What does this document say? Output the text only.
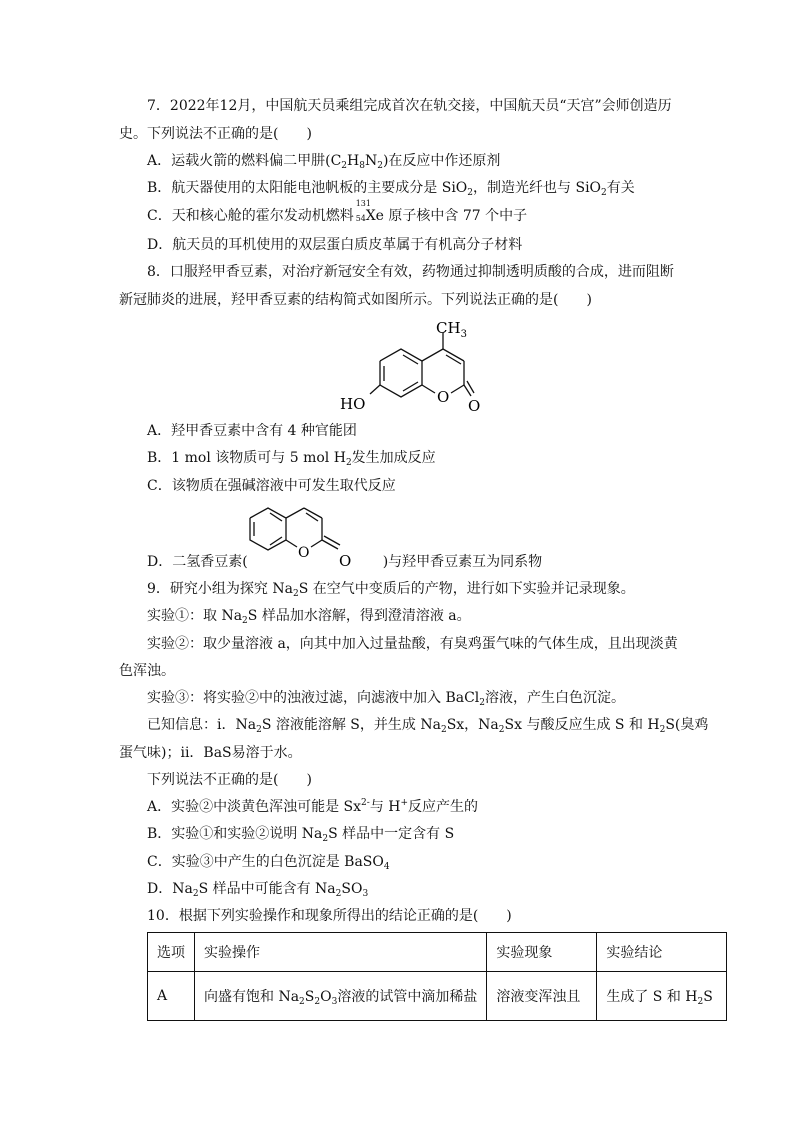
7．2022年12月，中国航天员乘组完成首次在轨交接，中国航天员“天宫”会师创造历
史。下列说法不正确的是(　　)
A．运载火箭的燃料偏二甲肼$(C_2H_8N_2)$在反应中作还原剂
B．航天器使用的太阳能电池帆板的主要成分是 SiO$_2$，制造光纤也与 SiO$_2$有关
C．天和核心舱的霍尔发动机燃料
131
54 Xe 原子核中含 77 个中子
D．航天员的耳机使用的双层蛋白质皮革属于有机高分子材料
8．口服羟甲香豆素，对治疗新冠安全有效，药物通过抑制透明质酸的合成，进而阻断
新冠肺炎的进展，羟甲香豆素的结构简式如图所示。下列说法正确的是(　　)
$CH_3$
HO	O O
A．羟甲香豆素中含有 4 种官能团
B．1 mol 该物质可与 5 mol $H_2$发生加成反应
C．该物质在强碱溶液中可发生取代反应
O O
D．二氢香豆素(	)与羟甲香豆素互为同系物
9．研究小组为探究 $Na_2S$ 在空气中变质后的产物，进行如下实验并记录现象。
实验①：取 $Na_2S$ 样品加水溶解，得到澄清溶液 a。
实验②：取少量溶液 a，向其中加入过量盐酸，有臭鸡蛋气味的气体生成，且出现淡黄
色浑浊。
实验③：将实验②中的浊液过滤，向滤液中加入 BaCl$_2$溶液，产生白色沉淀。
已知信息：i．$Na_2S$ 溶液能溶解 S，并生成 $Na_2Sx$，$Na_2Sx$ 与酸反应生成 S 和 $H_2S$(臭鸡
蛋气味)；ii．BaS易溶于水。
下列说法不正确的是(　　)
A．实验②中淡黄色浑浊可能是 $Sx^{2-}$与 H+反应产生的
B．实验①和实验②说明 $Na_2S$ 样品中一定含有 S
C．实验③中产生的白色沉淀是 BaSO$_4$
D．$Na_2S$ 样品中可能含有 $Na_2SO_3$
10．根据下列实验操作和现象所得出的结论正确的是(　　)
选项	实验操作	实验现象	实验结论
A	向盛有饱和 $Na_2S_2O_3$溶液的试管中滴加稀盐	溶液变浑浊且	生成了 S 和 $H_2S$
